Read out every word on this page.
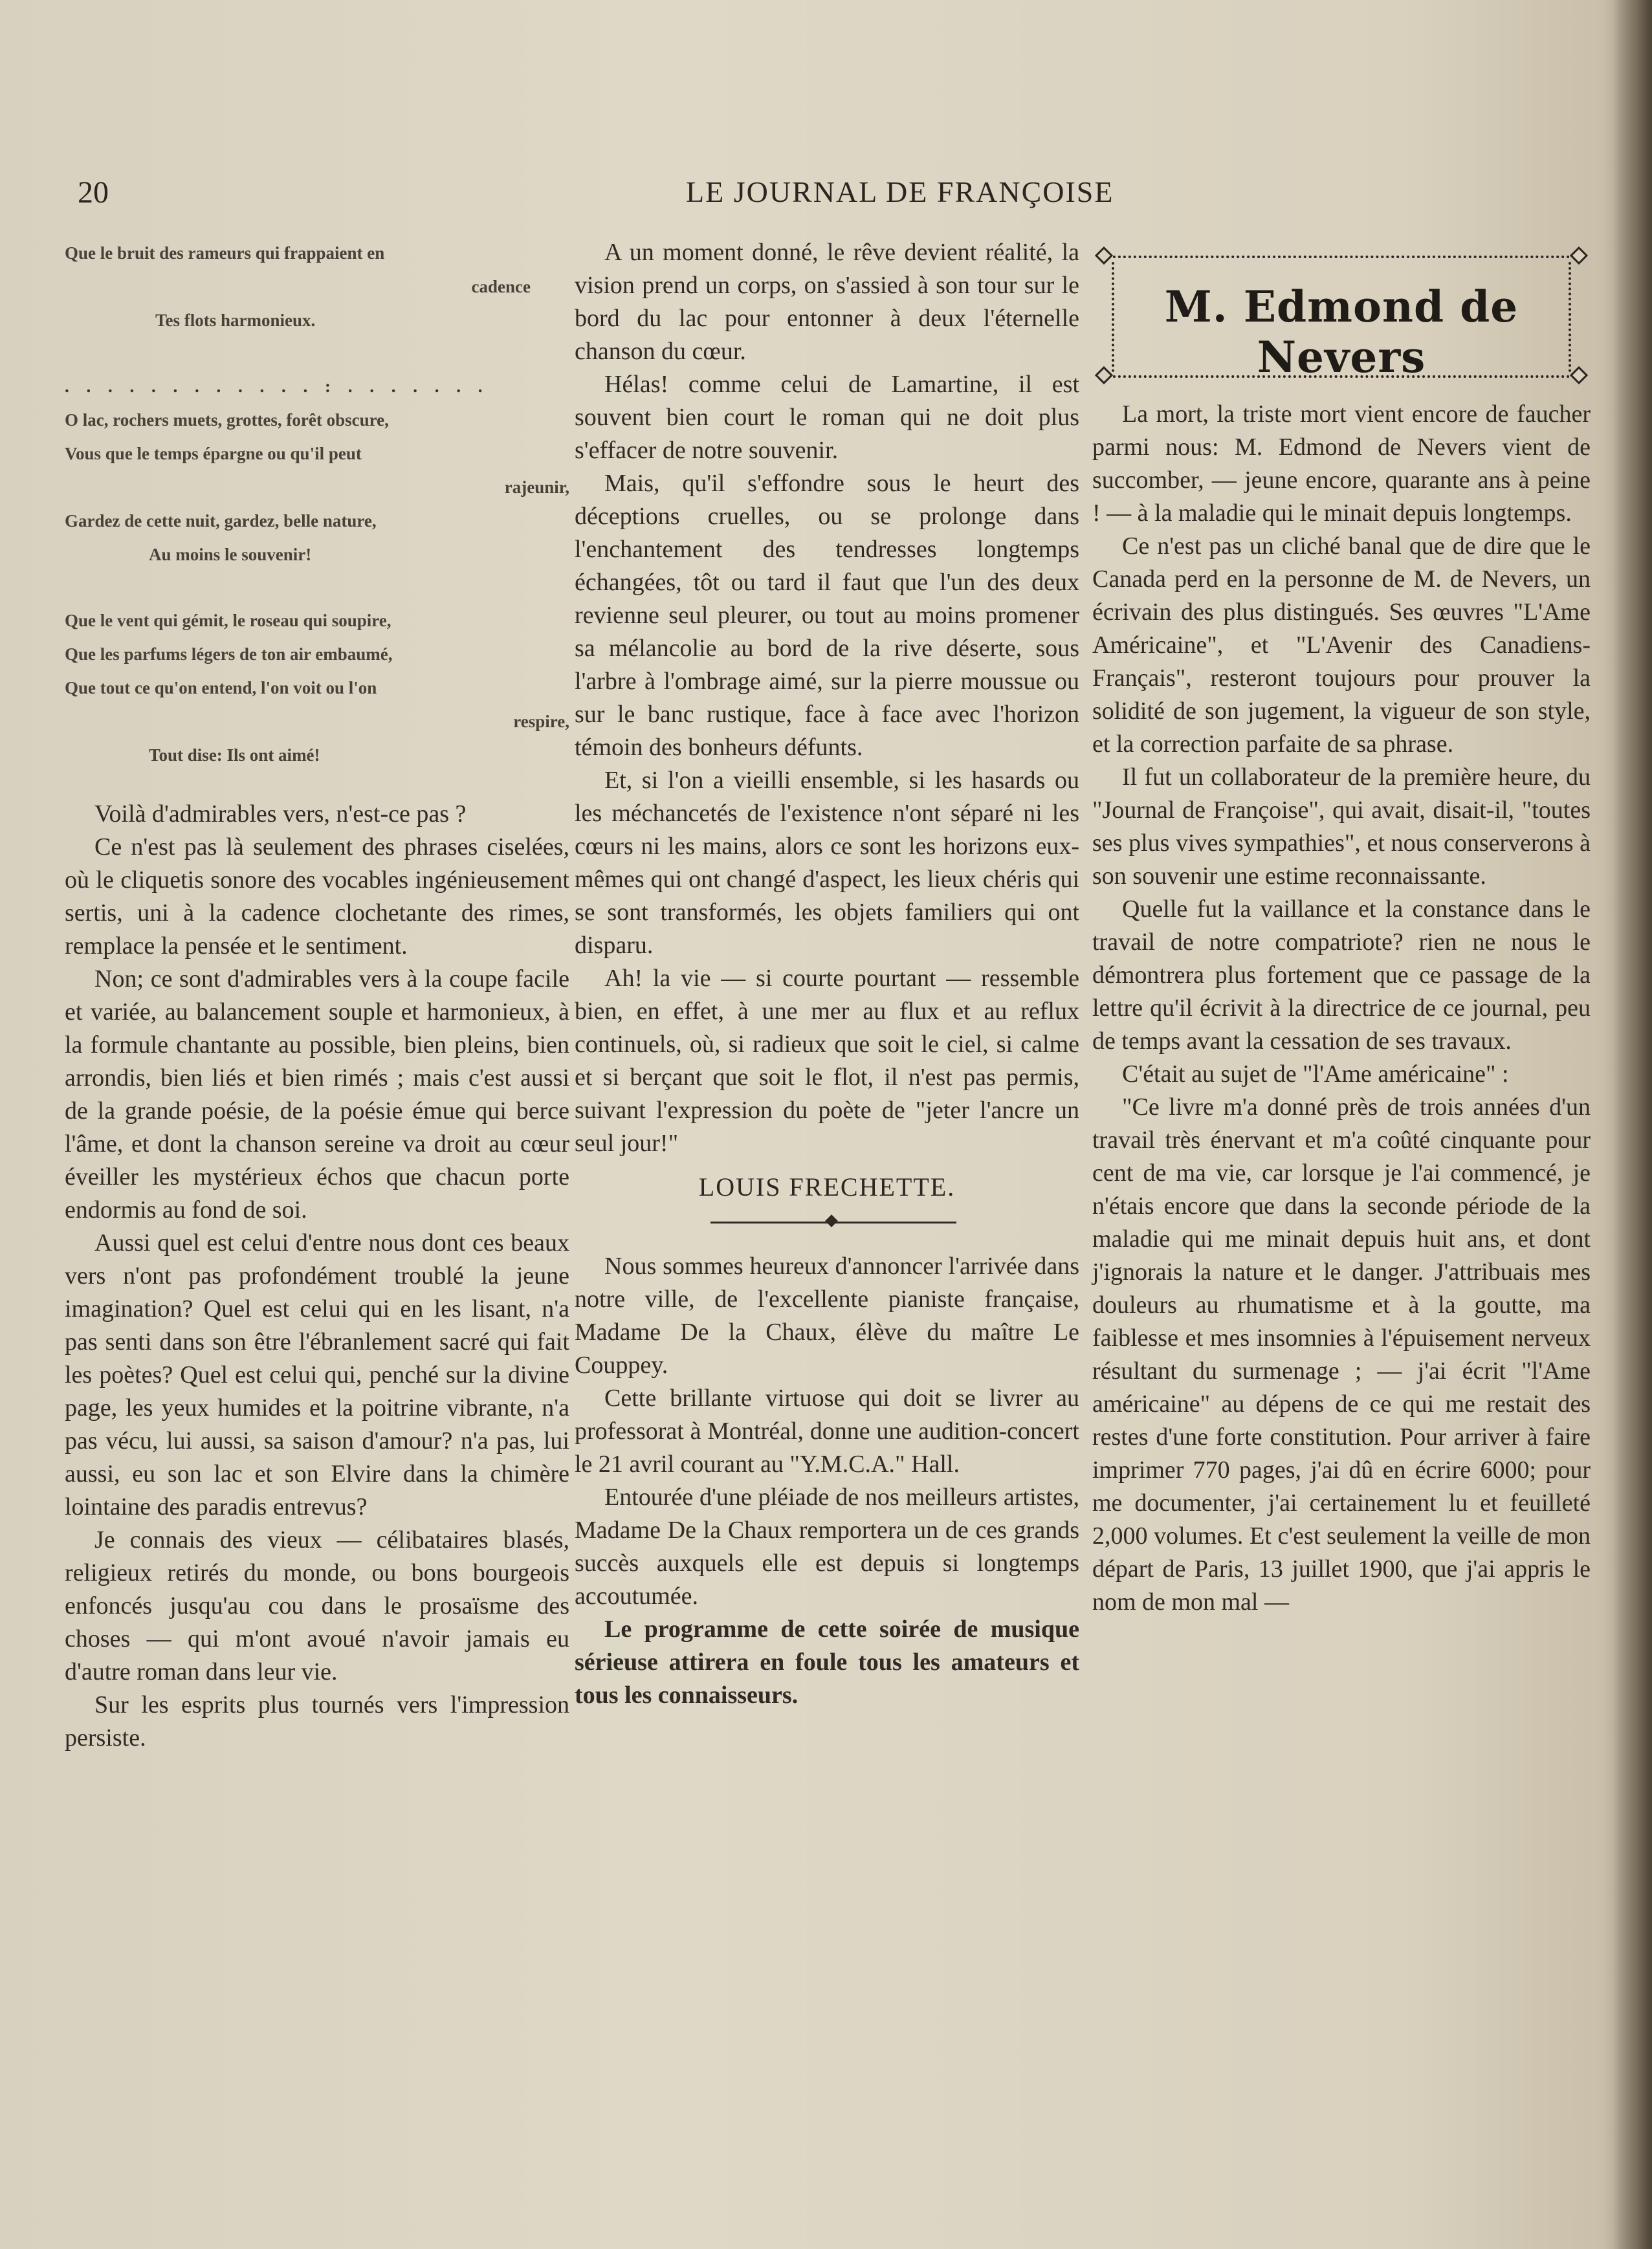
20	LE JOURNAL DE FRANÇOISE
Que le bruit des rameurs qui frappaient en
cadence
Tes flots harmonieux.
. . . . . . . . . . . . : . . . . . . .
O lac, rochers muets, grottes, forêt obscure,
Vous que le temps épargne ou qu'il peut
rajeunir,
Gardez de cette nuit, gardez, belle nature,
Au moins le souvenir!
Que le vent qui gémit, le roseau qui soupire,
Que les parfums légers de ton air embaumé,
Que tout ce qu'on entend, l'on voit ou l'on
respire,
Tout dise: Ils ont aimé!

Voilà d'admirables vers, n'est-ce pas ?

Ce n'est pas là seulement des phrases ciselées, où le cliquetis sonore des vocables ingénieusement sertis, uni à la cadence clochetante des rimes, remplace la pensée et le sentiment.

Non; ce sont d'admirables vers à la coupe facile et variée, au balancement souple et harmonieux, à la formule chantante au possible, bien pleins, bien arrondis, bien liés et bien rimés ; mais c'est aussi de la grande poésie, de la poésie émue qui berce l'âme, et dont la chanson sereine va droit au cœur éveiller les mystérieux échos que chacun porte endormis au fond de soi.

Aussi quel est celui d'entre nous dont ces beaux vers n'ont pas profondément troublé la jeune imagination? Quel est celui qui en les lisant, n'a pas senti dans son être l'ébranlement sacré qui fait les poètes? Quel est celui qui, penché sur la divine page, les yeux humides et la poitrine vibrante, n'a pas vécu, lui aussi, sa saison d'amour? n'a pas, lui aussi, eu son lac et son Elvire dans la chimère lointaine des paradis entrevus?

Je connais des vieux — célibataires blasés, religieux retirés du monde, ou bons bourgeois enfoncés jusqu'au cou dans le prosaïsme des choses — qui m'ont avoué n'avoir jamais eu d'autre roman dans leur vie.

Sur les esprits plus tournés vers l'impression persiste.

A un moment donné, le rêve devient réalité, la vision prend un corps, on s'assied à son tour sur le bord du lac pour entonner à deux l'éternelle chanson du cœur.

Hélas! comme celui de Lamartine, il est souvent bien court le roman qui ne doit plus s'effacer de notre souvenir.

Mais, qu'il s'effondre sous le heurt des déceptions cruelles, ou se prolonge dans l'enchantement des tendresses longtemps échangées, tôt ou tard il faut que l'un des deux revienne seul pleurer, ou tout au moins promener sa mélancolie au bord de la rive déserte, sous l'arbre à l'ombrage aimé, sur la pierre moussue ou sur le banc rustique, face à face avec l'horizon témoin des bonheurs défunts.

Et, si l'on a vieilli ensemble, si les hasards ou les méchancetés de l'existence n'ont séparé ni les cœurs ni les mains, alors ce sont les horizons eux-mêmes qui ont changé d'aspect, les lieux chéris qui se sont transformés, les objets familiers qui ont disparu.

Ah! la vie — si courte pourtant — ressemble bien, en effet, à une mer au flux et au reflux continuels, où, si radieux que soit le ciel, si calme et si berçant que soit le flot, il n'est pas permis, suivant l'expression du poète de "jeter l'ancre un seul jour!"

LOUIS FRECHETTE.

Nous sommes heureux d'annoncer l'arrivée dans notre ville, de l'excellente pianiste française, Madame De la Chaux, élève du maître Le Couppey.

Cette brillante virtuose qui doit se livrer au professorat à Montréal, donne une audition-concert le 21 avril courant au "Y.M.C.A." Hall.

Entourée d'une pléiade de nos meilleurs artistes, Madame De la Chaux remportera un de ces grands succès auxquels elle est depuis si longtemps accoutumée.

Le programme de cette soirée de musique sérieuse attirera en foule tous les amateurs et tous les connaisseurs.

M. Edmond de Nevers

La mort, la triste mort vient encore de faucher parmi nous: M. Edmond de Nevers vient de succomber, — jeune encore, quarante ans à peine ! — à la maladie qui le minait depuis longtemps.

Ce n'est pas un cliché banal que de dire que le Canada perd en la personne de M. de Nevers, un écrivain des plus distingués. Ses œuvres "L'Ame Américaine", et "L'Avenir des Canadiens-Français", resteront toujours pour prouver la solidité de son jugement, la vigueur de son style, et la correction parfaite de sa phrase.

Il fut un collaborateur de la première heure, du "Journal de Françoise", qui avait, disait-il, "toutes ses plus vives sympathies", et nous conserverons à son souvenir une estime reconnaissante.

Quelle fut la vaillance et la constance dans le travail de notre compatriote? rien ne nous le démontrera plus fortement que ce passage de la lettre qu'il écrivit à la directrice de ce journal, peu de temps avant la cessation de ses travaux.

C'était au sujet de "l'Ame américaine" :

"Ce livre m'a donné près de trois années d'un travail très énervant et m'a coûté cinquante pour cent de ma vie, car lorsque je l'ai commencé, je n'étais encore que dans la seconde période de la maladie qui me minait depuis huit ans, et dont j'ignorais la nature et le danger. J'attribuais mes douleurs au rhumatisme et à la goutte, ma faiblesse et mes insomnies à l'épuisement nerveux résultant du surmenage ; — j'ai écrit "l'Ame américaine" au dépens de ce qui me restait des restes d'une forte constitution. Pour arriver à faire imprimer 770 pages, j'ai dû en écrire 6000; pour me documenter, j'ai certainement lu et feuilleté 2,000 volumes. Et c'est seulement la veille de mon départ de Paris, 13 juillet 1900, que j'ai appris le nom de mon mal —
